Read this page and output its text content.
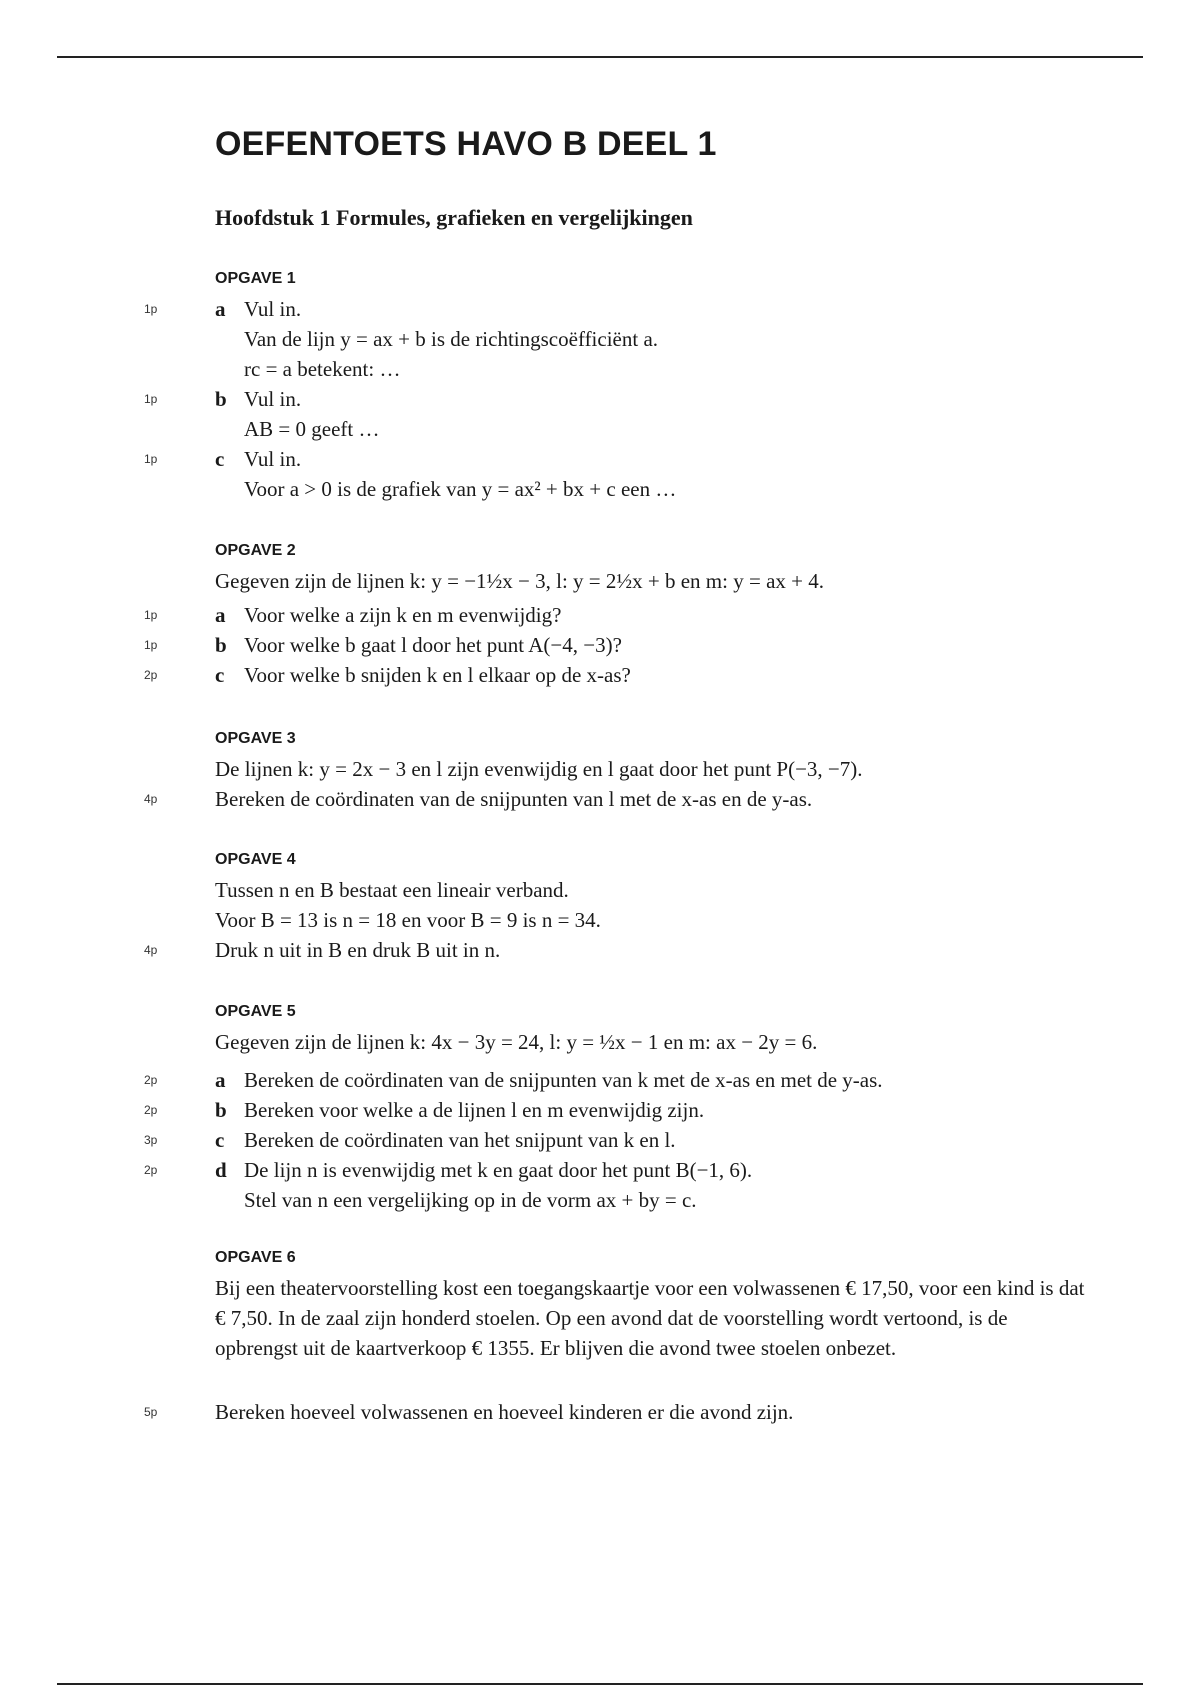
OEFENTOETS HAVO B DEEL 1
Hoofdstuk 1 Formules, grafieken en vergelijkingen
OPGAVE 1
1p	a Vul in.
Van de lijn y = ax + b is de richtingscoëfficiënt a.
rc = a betekent: …
1p	b Vul in.
AB = 0 geeft …
1p	c Vul in.
Voor a > 0 is de grafiek van y = ax² + bx + c een …
OPGAVE 2
Gegeven zijn de lijnen k: y = −1½x − 3, l: y = 2½x + b en m: y = ax + 4.
1p	a Voor welke a zijn k en m evenwijdig?
1p	b Voor welke b gaat l door het punt A(−4, −3)?
2p	c Voor welke b snijden k en l elkaar op de x-as?
OPGAVE 3
De lijnen k: y = 2x − 3 en l zijn evenwijdig en l gaat door het punt P(−3, −7).
4p	Bereken de coördinaten van de snijpunten van l met de x-as en de y-as.
OPGAVE 4
Tussen n en B bestaat een lineair verband.
Voor B = 13 is n = 18 en voor B = 9 is n = 34.
4p	Druk n uit in B en druk B uit in n.
OPGAVE 5
Gegeven zijn de lijnen k: 4x − 3y = 24, l: y = ½x − 1 en m: ax − 2y = 6.
2p	a Bereken de coördinaten van de snijpunten van k met de x-as en met de y-as.
2p	b Bereken voor welke a de lijnen l en m evenwijdig zijn.
3p	c Bereken de coördinaten van het snijpunt van k en l.
2p	d De lijn n is evenwijdig met k en gaat door het punt B(−1, 6).
Stel van n een vergelijking op in de vorm ax + by = c.
OPGAVE 6
Bij een theatervoorstelling kost een toegangskaartje voor een volwassenen € 17,50, voor een kind is dat € 7,50. In de zaal zijn honderd stoelen. Op een avond dat de voorstelling wordt vertoond, is de opbrengst uit de kaartverkoop € 1355. Er blijven die avond twee stoelen onbezet.
5p	Bereken hoeveel volwassenen en hoeveel kinderen er die avond zijn.
